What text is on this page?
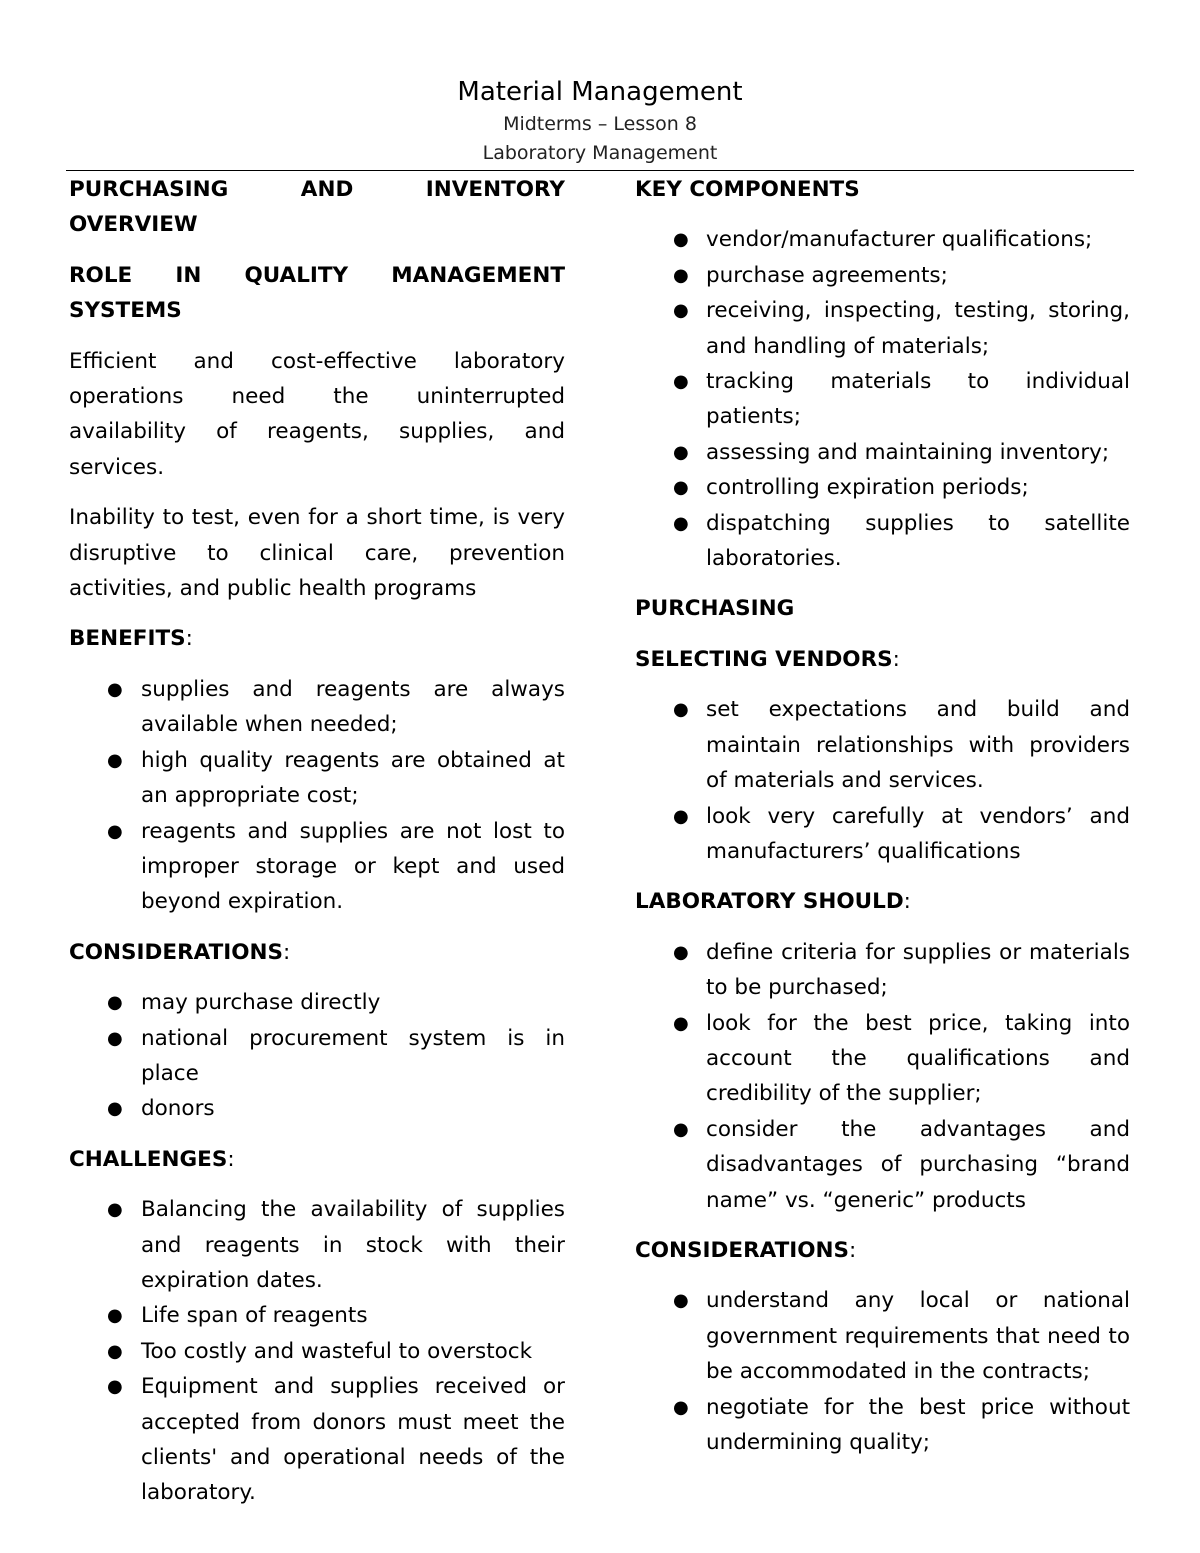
Material Management
Midterms – Lesson 8
Laboratory Management
PURCHASING AND INVENTORY OVERVIEW
ROLE IN QUALITY MANAGEMENT SYSTEMS

Efficient and cost-effective laboratory operations need the uninterrupted availability of reagents, supplies, and services.

Inability to test, even for a short time, is very disruptive to clinical care, prevention activities, and public health programs

BENEFITS:
● supplies and reagents are always available when needed;
● high quality reagents are obtained at an appropriate cost;
● reagents and supplies are not lost to improper storage or kept and used beyond expiration.
CONSIDERATIONS:
● may purchase directly
● national procurement system is in place
● donors
CHALLENGES:
● Balancing the availability of supplies and reagents in stock with their expiration dates.
● Life span of reagents
● Too costly and wasteful to overstock
● Equipment and supplies received or accepted from donors must meet the clients' and operational needs of the laboratory.
KEY COMPONENTS
● vendor/manufacturer qualifications;
● purchase agreements;
● receiving, inspecting, testing, storing, and handling of materials;
● tracking materials to individual patients;
● assessing and maintaining inventory;
● controlling expiration periods;
● dispatching supplies to satellite laboratories.
PURCHASING
SELECTING VENDORS:
● set expectations and build and maintain relationships with providers of materials and services.
● look very carefully at vendors’ and manufacturers’ qualifications
LABORATORY SHOULD:
● define criteria for supplies or materials to be purchased;
● look for the best price, taking into account the qualifications and credibility of the supplier;
● consider the advantages and disadvantages of purchasing “brand name” vs. “generic” products
CONSIDERATIONS:
● understand any local or national government requirements that need to be accommodated in the contracts;
● negotiate for the best price without undermining quality;
